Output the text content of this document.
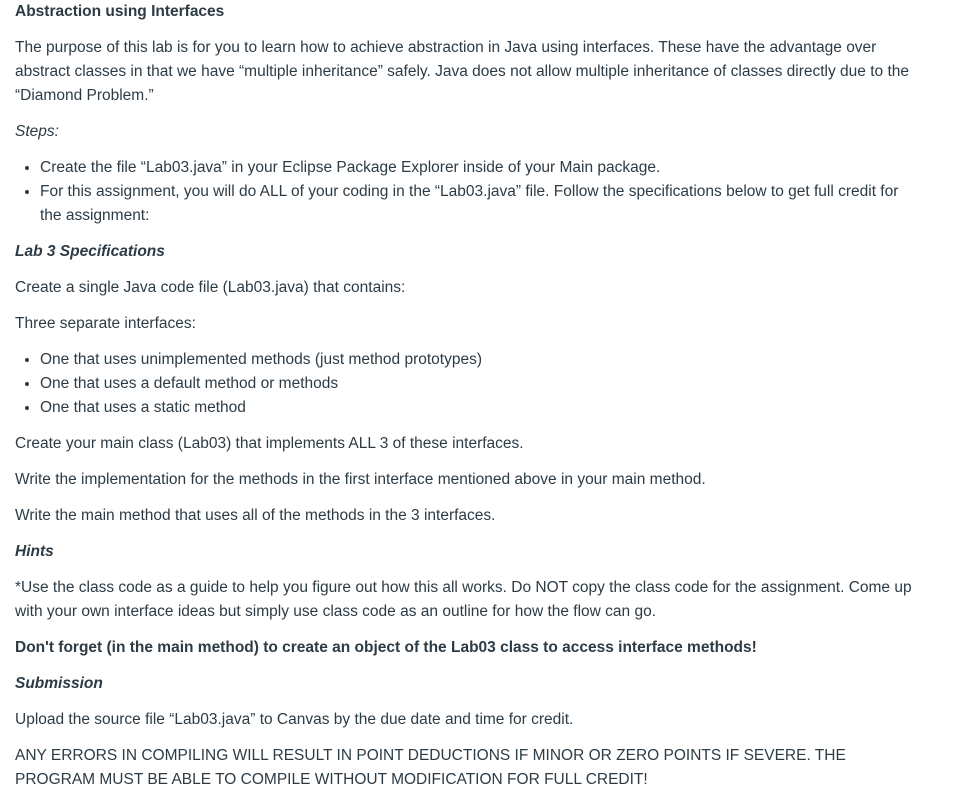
Abstraction using Interfaces

The purpose of this lab is for you to learn how to achieve abstraction in Java using interfaces. These have the advantage over abstract classes in that we have “multiple inheritance” safely. Java does not allow multiple inheritance of classes directly due to the “Diamond Problem.”

Steps:

• Create the file “Lab03.java” in your Eclipse Package Explorer inside of your Main package.
• For this assignment, you will do ALL of your coding in the “Lab03.java” file. Follow the specifications below to get full credit for the assignment:

Lab 3 Specifications

Create a single Java code file (Lab03.java) that contains:

Three separate interfaces:

• One that uses unimplemented methods (just method prototypes)
• One that uses a default method or methods
• One that uses a static method

Create your main class (Lab03) that implements ALL 3 of these interfaces.

Write the implementation for the methods in the first interface mentioned above in your main method.

Write the main method that uses all of the methods in the 3 interfaces.

Hints

*Use the class code as a guide to help you figure out how this all works. Do NOT copy the class code for the assignment. Come up with your own interface ideas but simply use class code as an outline for how the flow can go.

Don't forget (in the main method) to create an object of the Lab03 class to access interface methods!

Submission

Upload the source file “Lab03.java” to Canvas by the due date and time for credit.

ANY ERRORS IN COMPILING WILL RESULT IN POINT DEDUCTIONS IF MINOR OR ZERO POINTS IF SEVERE. THE PROGRAM MUST BE ABLE TO COMPILE WITHOUT MODIFICATION FOR FULL CREDIT!
